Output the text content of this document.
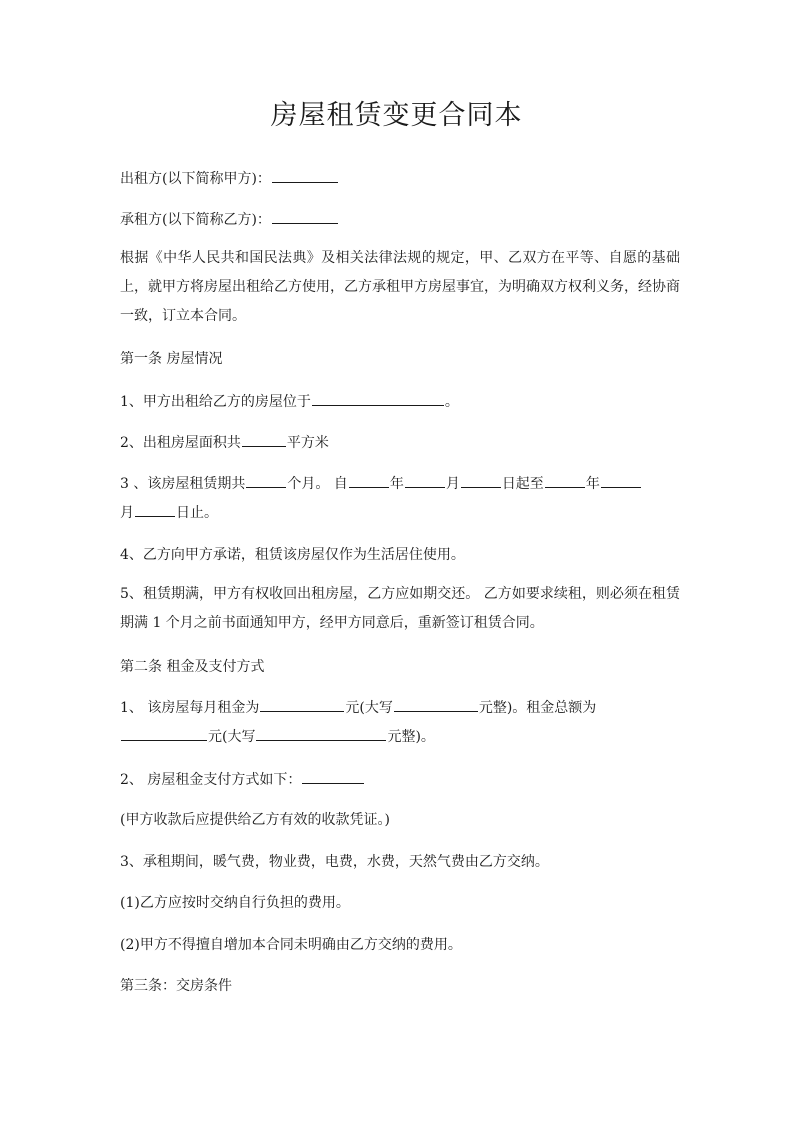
房屋租赁变更合同本
出租方(以下简称甲方)：
承租方(以下简称乙方)：
根据《中华人民共和国民法典》及相关法律法规的规定，甲、乙双方在平等、自愿的基础上，就甲方将房屋出租给乙方使用，乙方承租甲方房屋事宜，为明确双方权利义务，经协商一致，订立本合同。
第一条 房屋情况
1、甲方出租给乙方的房屋位于	。
2、出租房屋面积共	平方米
3 、该房屋租赁期共	个月。 自	年	月	日起至	年
月	日止。
4、乙方向甲方承诺，租赁该房屋仅作为生活居住使用。
5、租赁期满，甲方有权收回出租房屋，乙方应如期交还。 乙方如要求续租，则必须在租赁期满 1 个月之前书面通知甲方，经甲方同意后，重新签订租赁合同。
第二条 租金及支付方式
1、 该房屋每月租金为	元(大写	元整)。租金总额为
元(大写	元整)。
2、 房屋租金支付方式如下：
(甲方收款后应提供给乙方有效的收款凭证。)
3、承租期间，暖气费，物业费，电费，水费，天然气费由乙方交纳。
(1)乙方应按时交纳自行负担的费用。
(2)甲方不得擅自增加本合同未明确由乙方交纳的费用。
第三条：交房条件
